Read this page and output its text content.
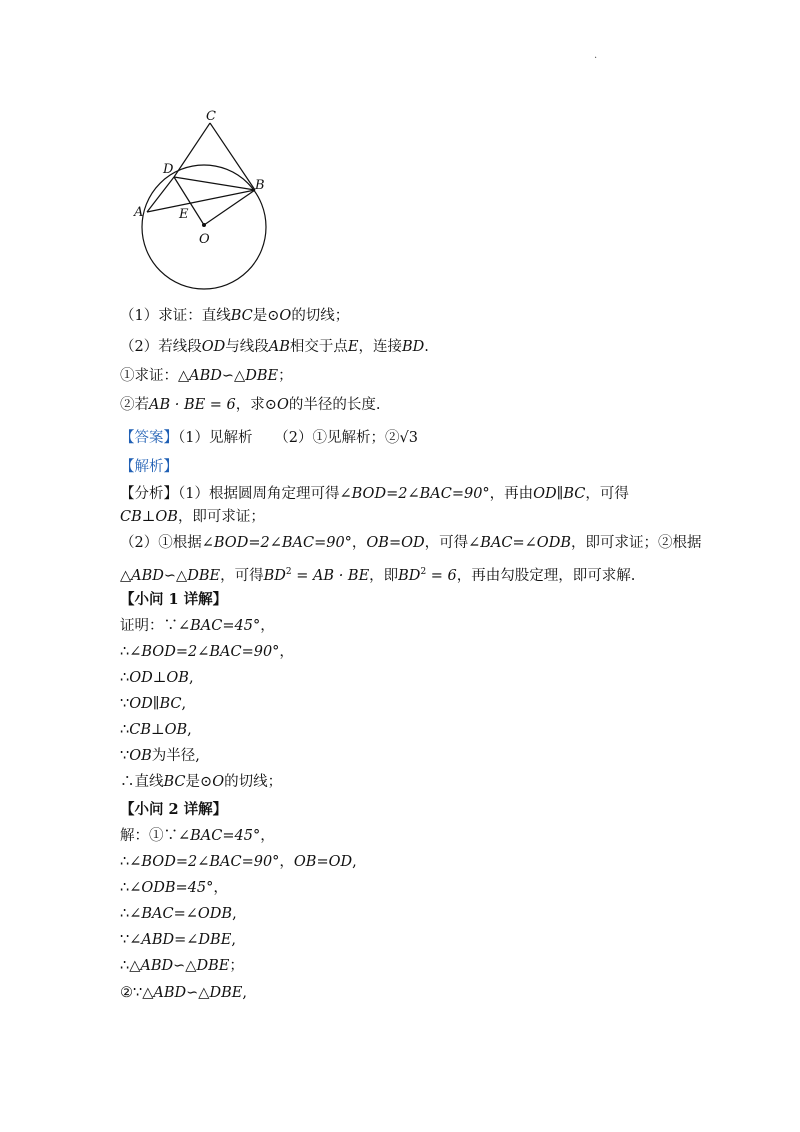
.
C
D
B
A	E
O

（1）求证：直线BC是⊙O的切线；

（2）若线段OD与线段AB相交于点E，连接BD.

①求证：△ABD∽△DBE；

②若AB · BE = 6，求⊙O的半径的长度.

【答案】（1）见解析　　（2）①见解析；②√3

【解析】

【分析】（1）根据圆周角定理可得∠BOD=2∠BAC=90°，再由OD∥BC，可得

CB⊥OB，即可求证；

（2）①根据∠BOD=2∠BAC=90°，OB=OD，可得∠BAC=∠ODB，即可求证；②根据

△ABD∽△DBE，可得$BD^2$ = AB · BE，即$BD^2 = 6$，再由勾股定理，即可求解.

【小问 1 详解】

证明：∵∠BAC=45°，

∴∠BOD=2∠BAC=90°，

∴OD⊥OB,

∵OD∥BC,

∴CB⊥OB,

∵OB为半径,

∴直线BC是⊙O的切线；

【小问 2 详解】

解：①∵∠BAC=45°，

∴∠BOD=2∠BAC=90°，OB=OD,

∴∠ODB=45°，

∴∠BAC=∠ODB,

∵∠ABD=∠DBE,

∴△ABD∽△DBE；

②∵△ABD∽△DBE,
